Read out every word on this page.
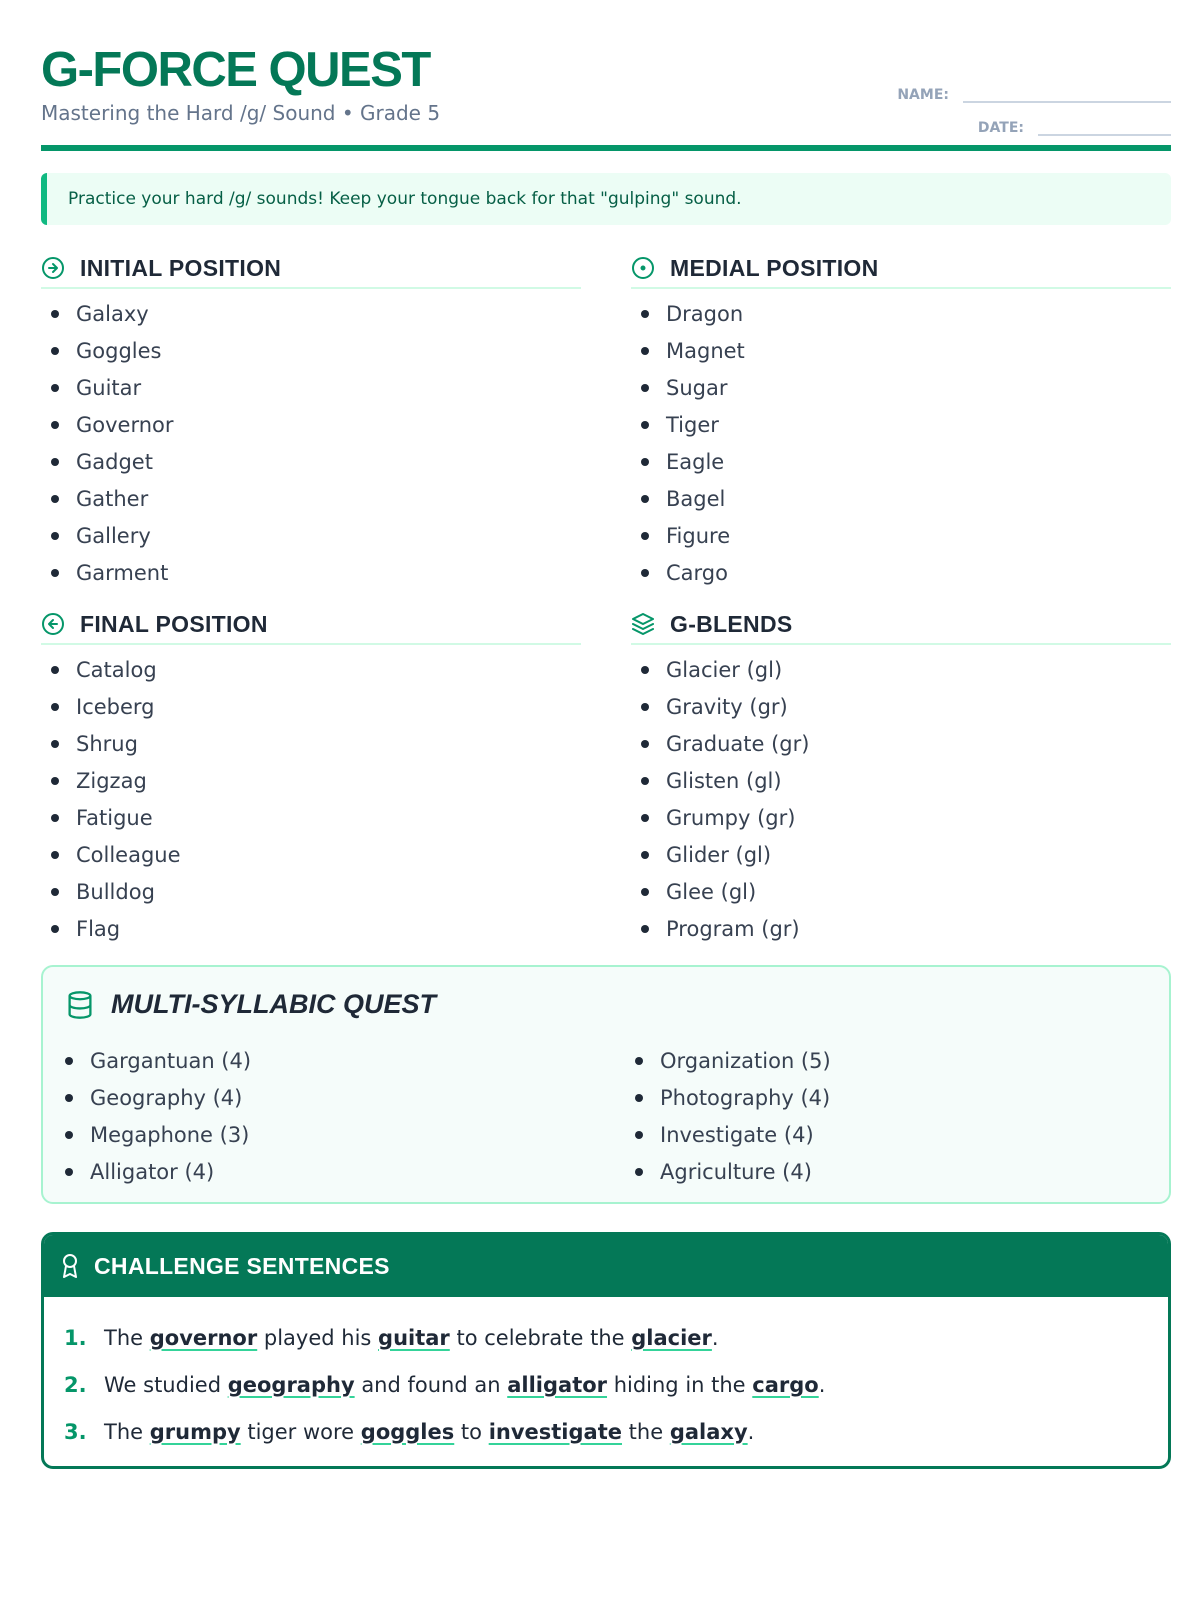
G-FORCE QUEST
Mastering the Hard /g/ Sound • Grade 5
NAME:
DATE:
Practice your hard /g/ sounds! Keep your tongue back for that "gulping" sound.
INITIAL POSITION
Galaxy
Goggles
Guitar
Governor
Gadget
Gather
Gallery
Garment
MEDIAL POSITION
Dragon
Magnet
Sugar
Tiger
Eagle
Bagel
Figure
Cargo
FINAL POSITION
Catalog
Iceberg
Shrug
Zigzag
Fatigue
Colleague
Bulldog
Flag
G-BLENDS
Glacier (gl)
Gravity (gr)
Graduate (gr)
Glisten (gl)
Grumpy (gr)
Glider (gl)
Glee (gl)
Program (gr)
MULTI-SYLLABIC QUEST
Gargantuan (4)
Geography (4)
Megaphone (3)
Alligator (4)
Organization (5)
Photography (4)
Investigate (4)
Agriculture (4)
CHALLENGE SENTENCES
1. The governor played his guitar to celebrate the glacier.
2. We studied geography and found an alligator hiding in the cargo.
3. The grumpy tiger wore goggles to investigate the galaxy.
